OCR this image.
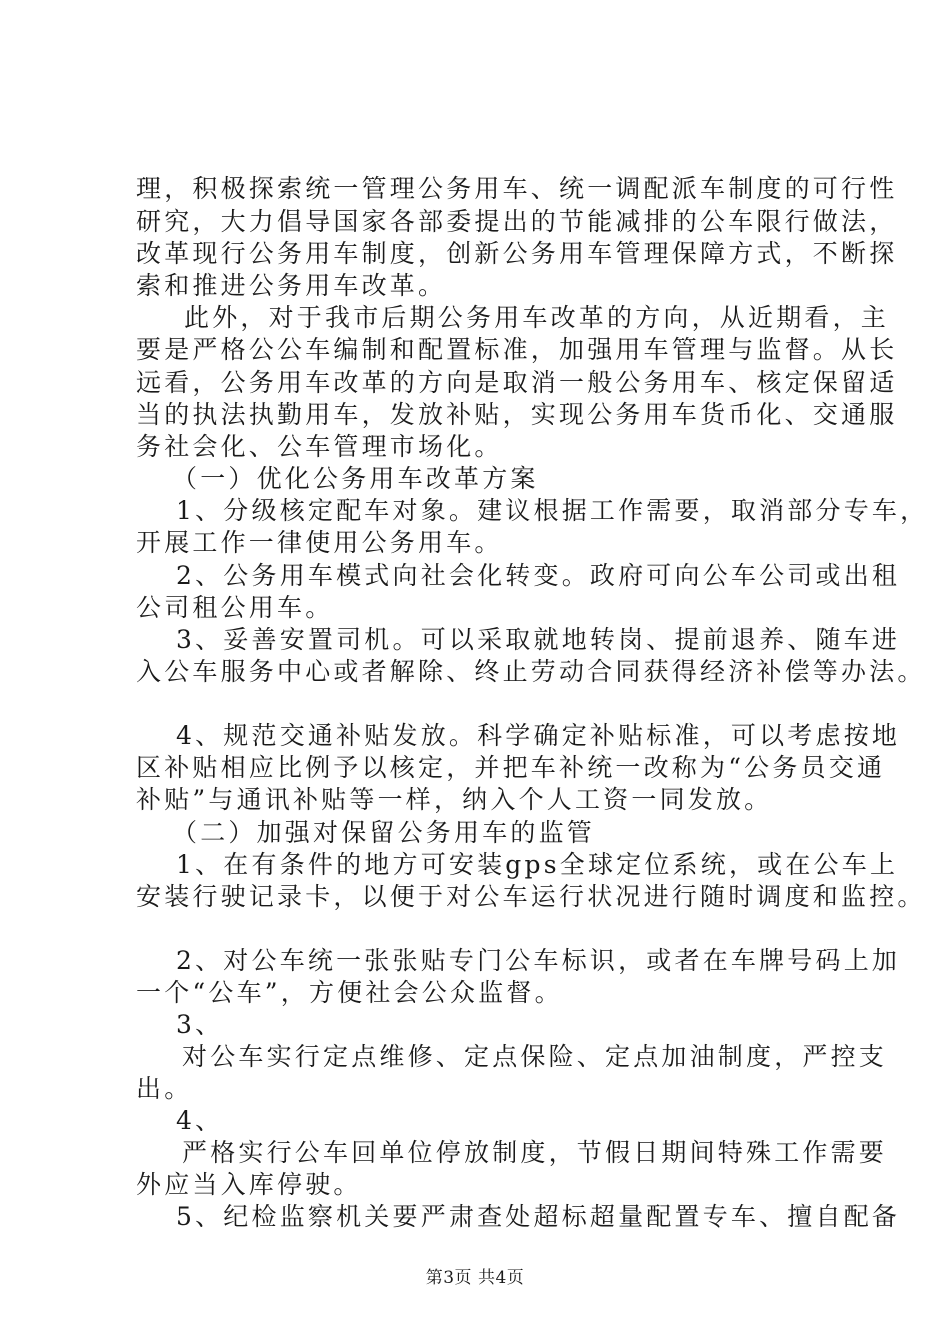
理，积极探索统一管理公务用车、统一调配派车制度的可行性
研究，大力倡导国家各部委提出的节能减排的公车限行做法，
改革现行公务用车制度，创新公务用车管理保障方式，不断探
索和推进公务用车改革。
此外，对于我市后期公务用车改革的方向，从近期看，主
要是严格公公车编制和配置标准，加强用车管理与监督。从长
远看，公务用车改革的方向是取消一般公务用车、核定保留适
当的执法执勤用车，发放补贴，实现公务用车货币化、交通服
务社会化、公车管理市场化。
（一）优化公务用车改革方案
1、分级核定配车对象。建议根据工作需要，取消部分专车，
开展工作一律使用公务用车。
2、公务用车模式向社会化转变。政府可向公车公司或出租
公司租公用车。
3、妥善安置司机。可以采取就地转岗、提前退养、随车进
入公车服务中心或者解除、终止劳动合同获得经济补偿等办法。
4、规范交通补贴发放。科学确定补贴标准，可以考虑按地
区补贴相应比例予以核定，并把车补统一改称为“公务员交通
补贴”与通讯补贴等一样，纳入个人工资一同发放。
（二）加强对保留公务用车的监管
1、在有条件的地方可安装gps全球定位系统，或在公车上
安装行驶记录卡，以便于对公车运行状况进行随时调度和监控。
2、对公车统一张张贴专门公车标识，或者在车牌号码上加
一个“公车”，方便社会公众监督。
3、
对公车实行定点维修、定点保险、定点加油制度，严控支
出。
4、
严格实行公车回单位停放制度，节假日期间特殊工作需要
外应当入库停驶。
5、纪检监察机关要严肃查处超标超量配置专车、擅自配备
第3页 共4页
